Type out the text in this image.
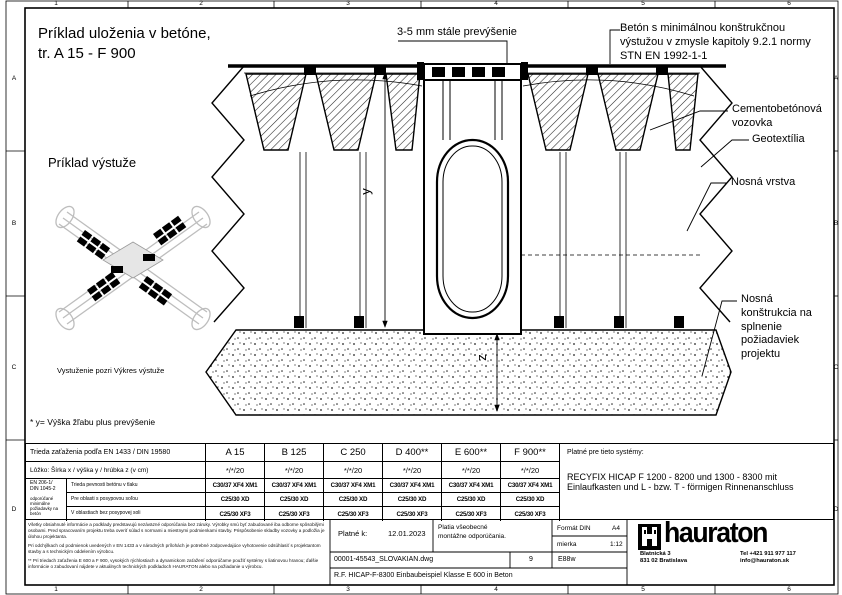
1	2	3	4	5	6
1	2	3	4	5	6
A
B
C
D
A
B
C
D
Príklad uloženia v betóne,
tr. A 15 - F 900
3-5 mm stále prevýšenie	Betón s minimálnou konštrukčnou
výstužou v zmysle kapitoly 9.2.1 normy
STN EN 1992-1-1
Cementobetónová
vozovka
Geotextília
Nosná vrstva
Nosná
konštrukcia na
splnenie
požiadaviek
projektu
Príklad výstuže
Vystuženie pozri Výkres výstuže
* y= Výška žľabu plus prevýšenie
y
z
Trieda zaťaženia podľa EN 1433 / DIN 19580	A 15	B 125	C 250	D 400**	E 600**	F 900**
Lôžko: Šírka x / výška y / hrúbka z (v cm)	*/*/20	*/*/20	*/*/20	*/*/20	*/*/20	*/*/20
EN 206-1/
DIN 1045-2
odporúčané minimálne požiadavky na betón
Trieda pevnosti betónu v tlaku	C30/37 XF4 XM1	C30/37 XF4 XM1	C30/37 XF4 XM1	C30/37 XF4 XM1	C30/37 XF4 XM1	C30/37 XF4 XM1
Pre oblasti s posypovou soľou	C25/30 XD	C25/30 XD	C25/30 XD	C25/30 XD	C25/30 XD	C25/30 XD
V oblastiach bez posypovej soli	C25/30 XF3	C25/30 XF3	C25/30 XF3	C25/30 XF3	C25/30 XF3	C25/30 XF3
Platné pre tieto systémy:
RECYFIX HICAP F 1200 - 8200 und 1300 - 8300 mit
Einlaufkasten und L - bzw. T - förmigen Rinnenanschluss

Všetky obsiahnuté informácie a podklady predstavujú nezáväzné odporúčania bez záruky. Výrobky smú byť zabudované iba odborne spôsobilými osobami. Pred spracovaním projektu treba overiť súlad s normami a miestnymi podmienkami stavby. Prispôsobenie skladby vozovky a podložia je úlohou projektanta.

Pri odchýlkach od podmienok uvedených v EN 1433 a v národných prílohách je potrebné zodpovedajúce vyhotovenie odsúhlasiť s projektantom stavby a s technickým oddelením výrobcu.

** Pri triedach zaťaženia E 600 a F 900, vysokých rýchlostiach a dynamickom zaťažení odporúčame použiť systémy s liatinovou hranou; ďalšie informácie o zabudovaní nájdete v aktuálnych technických podkladoch HAURATON alebo na požiadanie u výrobcu.

Platné k:	12.01.2023
Platia všeobecné
montážne odporúčania.
Formát DIN	A4
mierka	1:12
00001-45543_SLOVAKIAN.dwg	9	E88w
R.F. HICAP-F-8300 Einbaubeispiel Klasse E 600 in Beton
hauraton
Blatnická 3
831 02 Bratislava
Tel +421 911 977 117
info@hauraton.sk
